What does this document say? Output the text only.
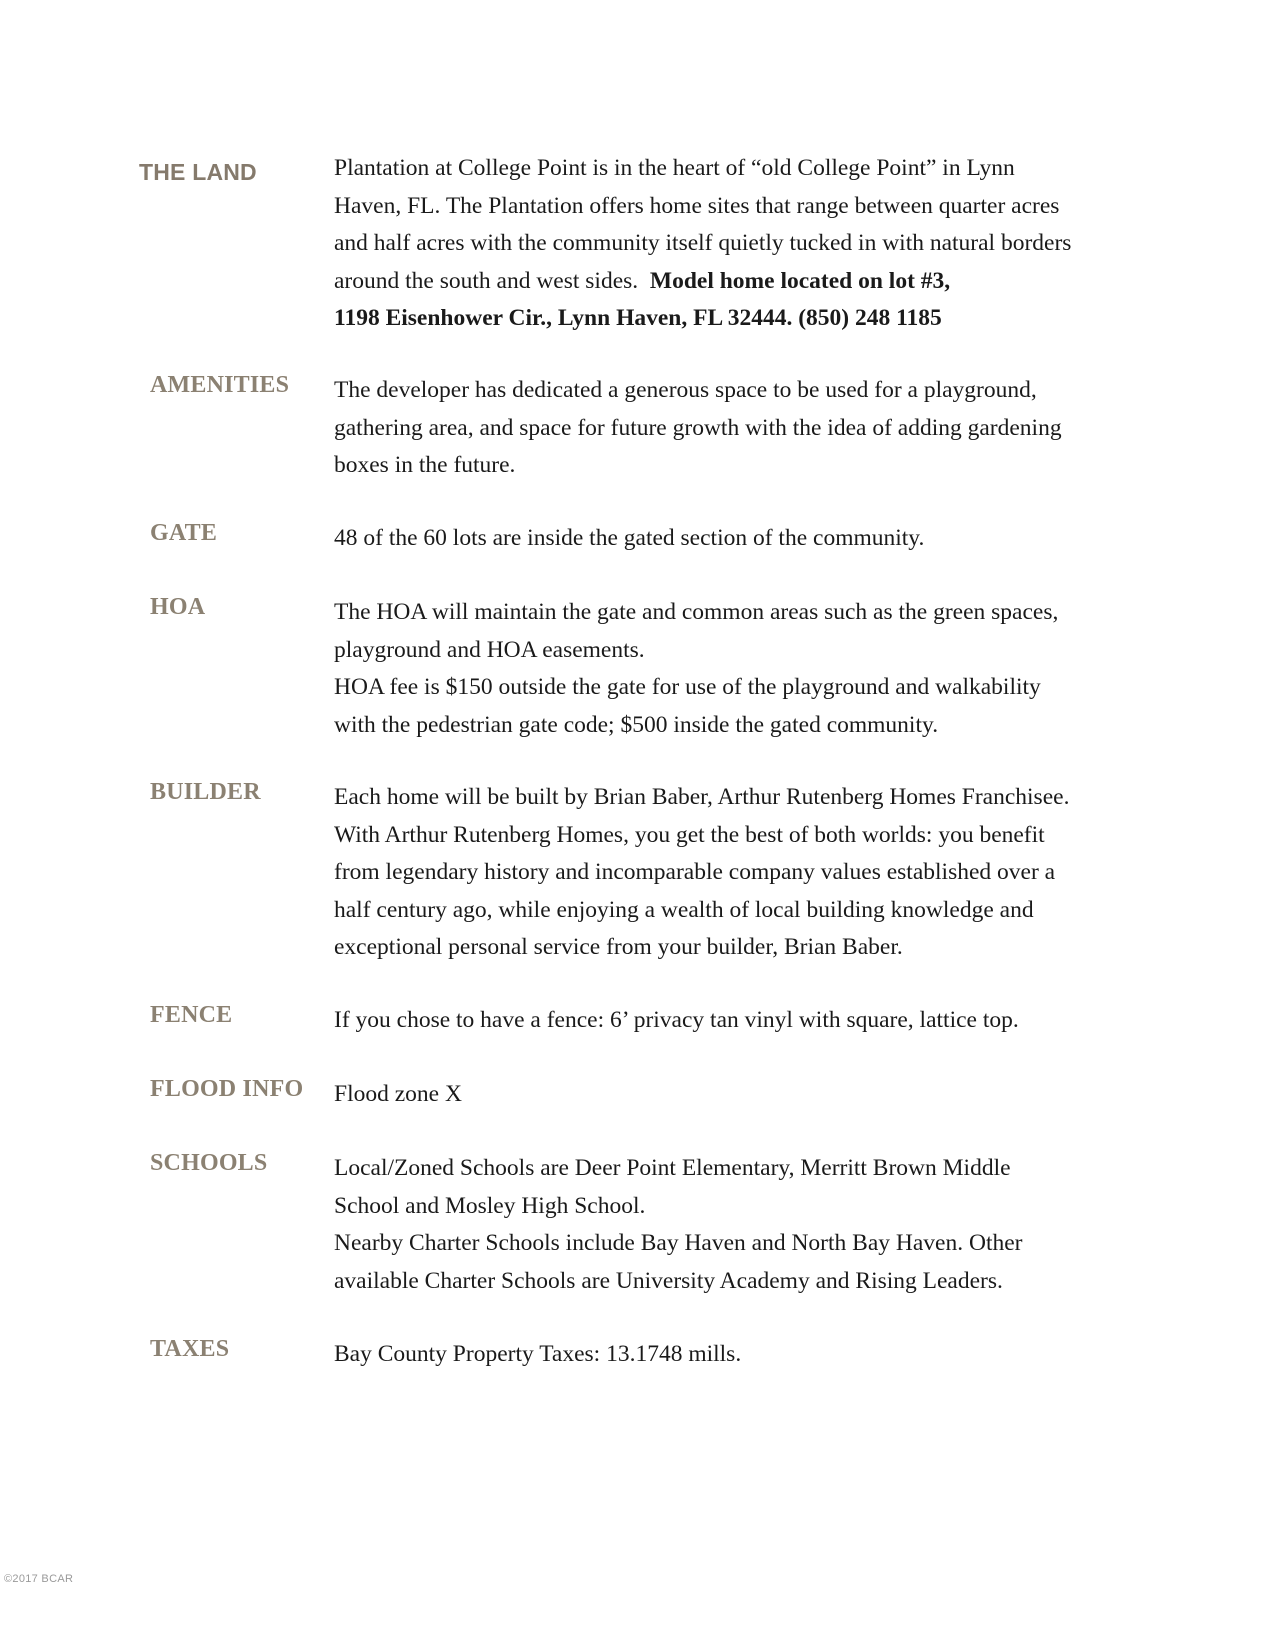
THE LAND	Plantation at College Point is in the heart of “old College Point” in Lynn
Haven, FL. The Plantation offers home sites that range between quarter acres
and half acres with the community itself quietly tucked in with natural borders
around the south and west sides.  Model home located on lot #3,
1198 Eisenhower Cir., Lynn Haven, FL 32444. (850) 248 1185
AMENITIES The developer has dedicated a generous space to be used for a playground,
gathering area, and space for future growth with the idea of adding gardening
boxes in the future.
GATE	48 of the 60 lots are inside the gated section of the community.
HOA	The HOA will maintain the gate and common areas such as the green spaces,
playground and HOA easements.
HOA fee is $150 outside the gate for use of the playground and walkability
with the pedestrian gate code; $500 inside the gated community.
BUILDER	Each home will be built by Brian Baber, Arthur Rutenberg Homes Franchisee.
With Arthur Rutenberg Homes, you get the best of both worlds: you benefit
from legendary history and incomparable company values established over a
half century ago, while enjoying a wealth of local building knowledge and
exceptional personal service from your builder, Brian Baber.
FENCE	If you chose to have a fence: 6’ privacy tan vinyl with square, lattice top.
FLOOD INFO Flood zone X
SCHOOLS	Local/Zoned Schools are Deer Point Elementary, Merritt Brown Middle
School and Mosley High School.
Nearby Charter Schools include Bay Haven and North Bay Haven. Other
available Charter Schools are University Academy and Rising Leaders.
TAXES	Bay County Property Taxes: 13.1748 mills.
©2017 BCAR
